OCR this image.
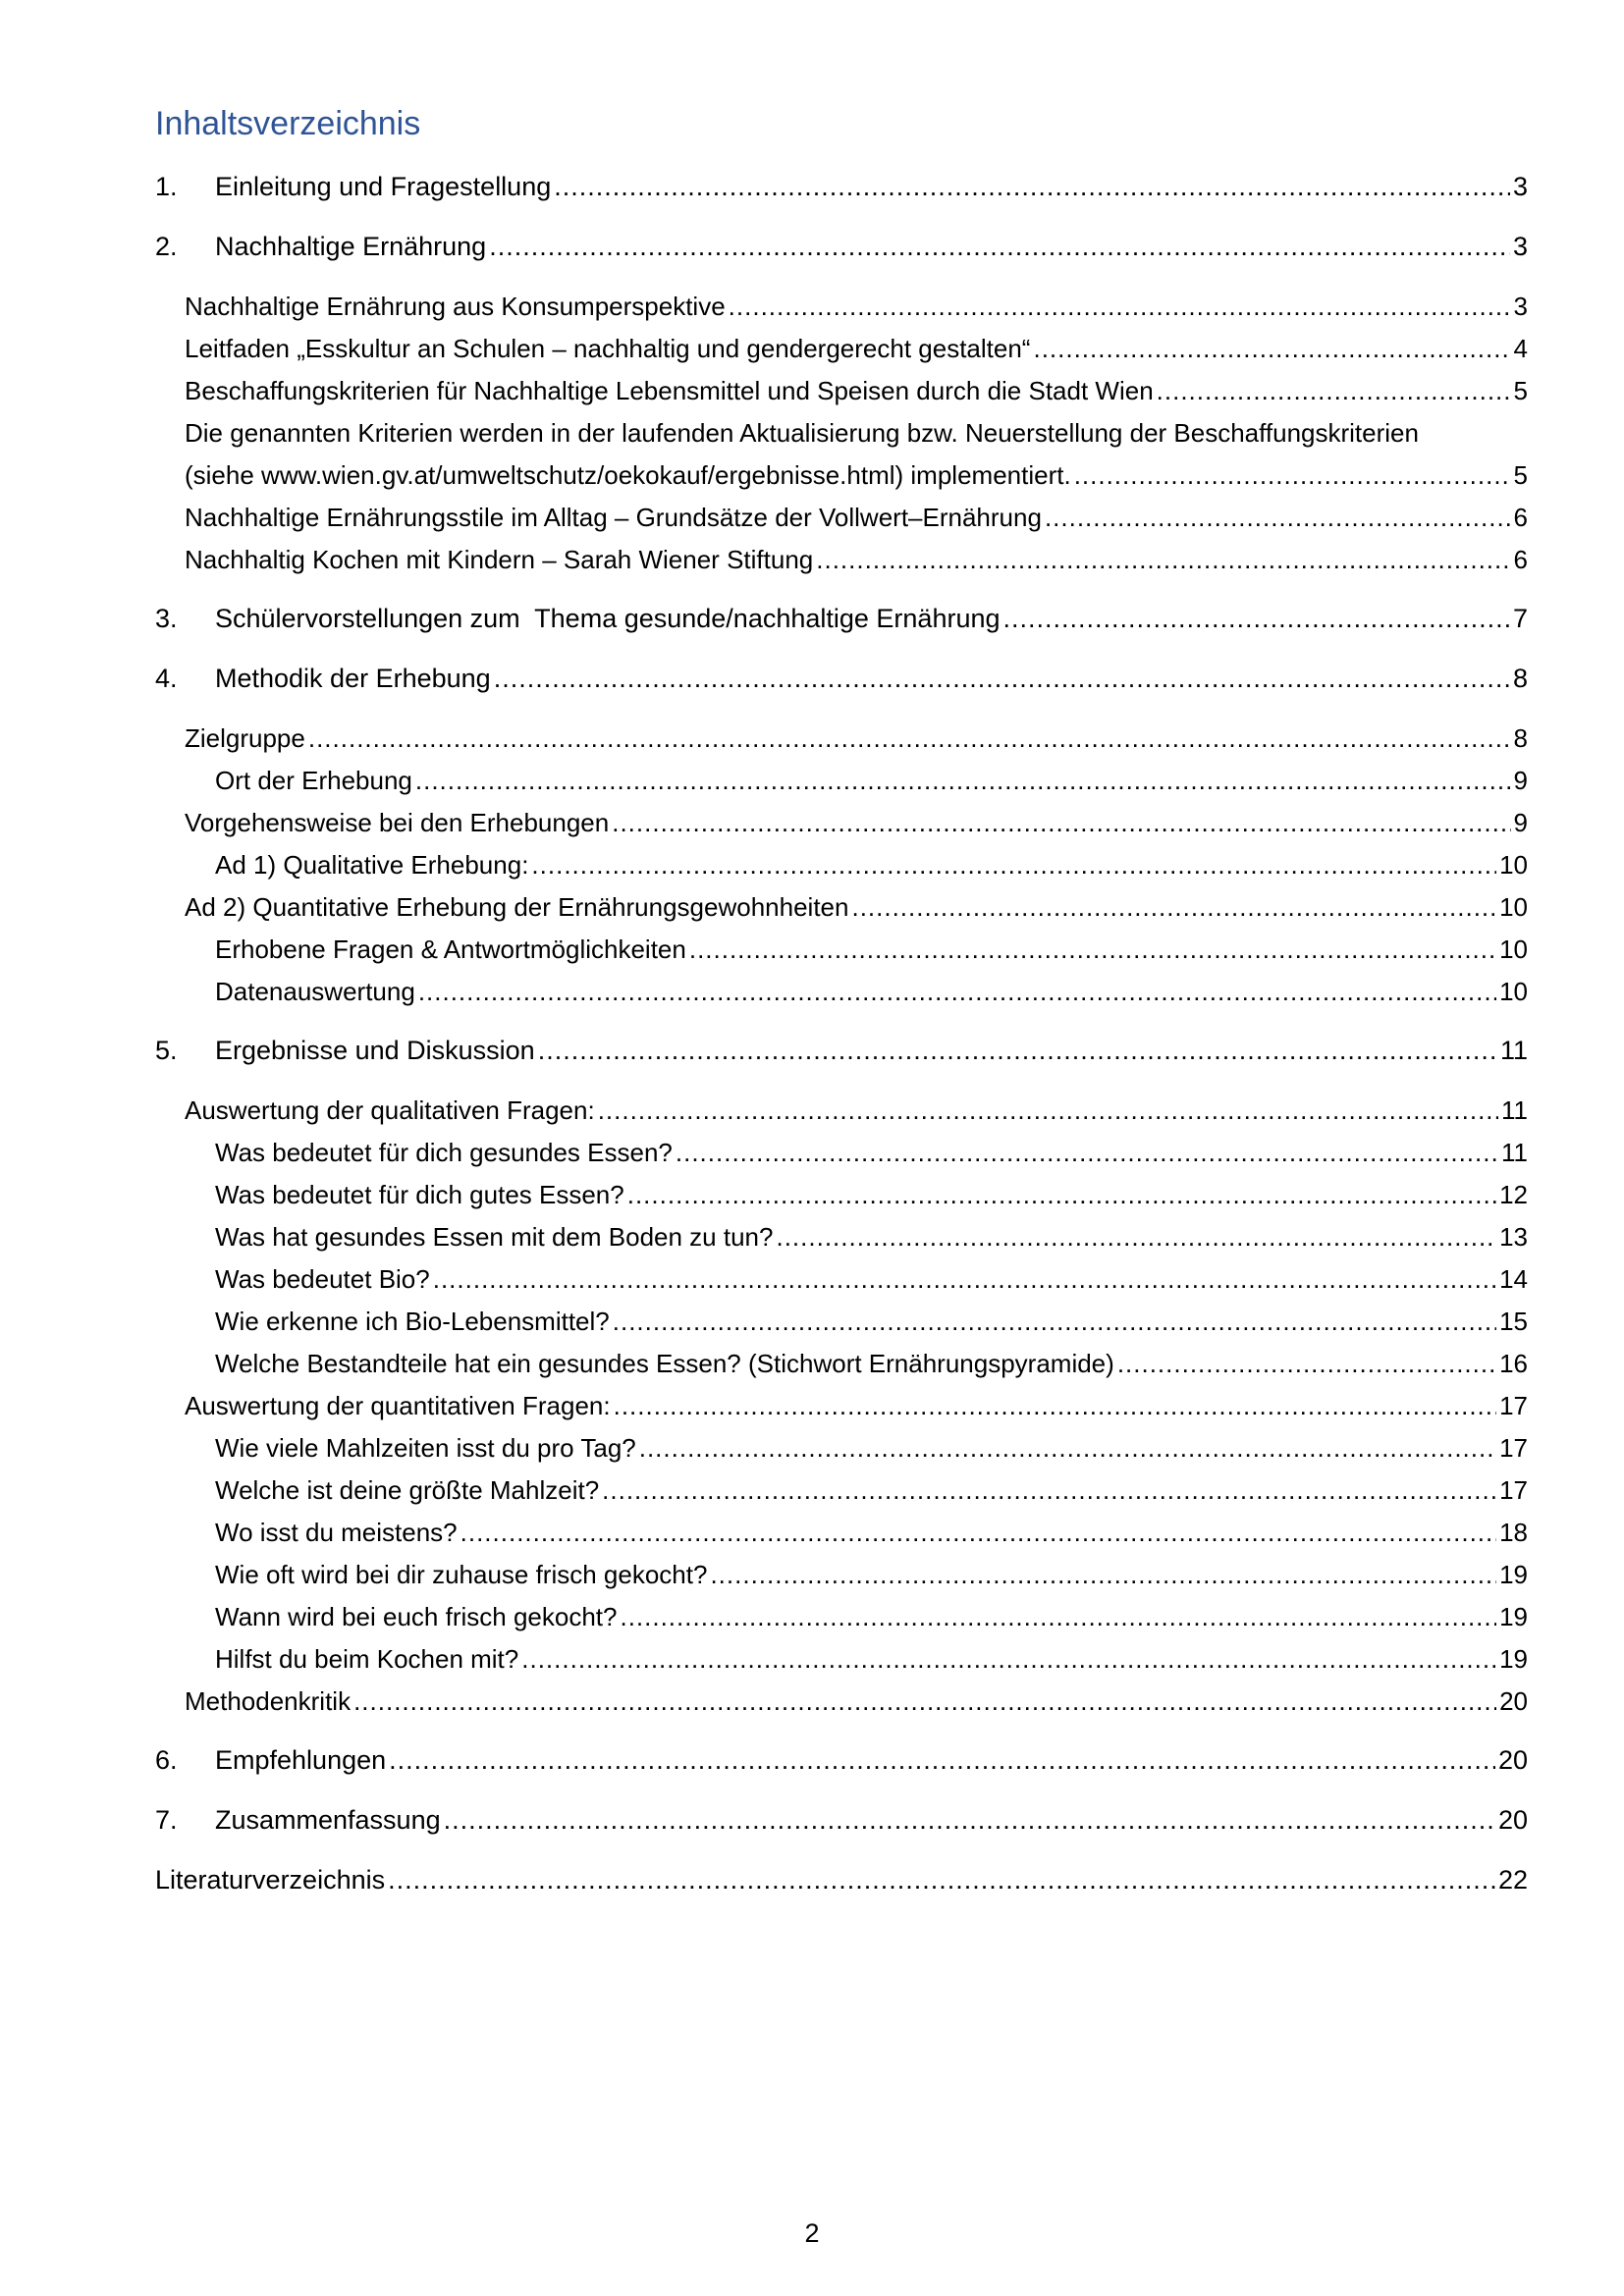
Inhaltsverzeichnis
1. Einleitung und Fragestellung .....	3
2. Nachhaltige Ernährung .....	3
Nachhaltige Ernährung aus Konsumperspektive .....	3
Leitfaden „Esskultur an Schulen – nachhaltig und gendergerecht gestalten“ .....	4
Beschaffungskriterien für Nachhaltige Lebensmittel und Speisen durch die Stadt Wien .....	5
Die genannten Kriterien werden in der laufenden Aktualisierung bzw. Neuerstellung der Beschaffungskriterien
(siehe www.wien.gv.at/umweltschutz/oekokauf/ergebnisse.html) implementiert. .....	5
Nachhaltige Ernährungsstile im Alltag – Grundsätze der Vollwert–Ernährung .....	6
Nachhaltig Kochen mit Kindern – Sarah Wiener Stiftung .....	6
3. Schülervorstellungen zum  Thema gesunde/nachhaltige Ernährung .....	7
4. Methodik der Erhebung .....	8
Zielgruppe .....	8
Ort der Erhebung .....	9
Vorgehensweise bei den Erhebungen .....	9
Ad 1) Qualitative Erhebung: .....	10
Ad 2) Quantitative Erhebung der Ernährungsgewohnheiten .....	10
Erhobene Fragen & Antwortmöglichkeiten .....	10
Datenauswertung .....	10
5. Ergebnisse und Diskussion .....	11
Auswertung der qualitativen Fragen: .....	11
Was bedeutet für dich gesundes Essen? .....	11
Was bedeutet für dich gutes Essen? .....	12
Was hat gesundes Essen mit dem Boden zu tun? .....	13
Was bedeutet Bio? .....	14
Wie erkenne ich Bio-Lebensmittel? .....	15
Welche Bestandteile hat ein gesundes Essen? (Stichwort Ernährungspyramide) .....	16
Auswertung der quantitativen Fragen: .....	17
Wie viele Mahlzeiten isst du pro Tag? .....	17
Welche ist deine größte Mahlzeit? .....	17
Wo isst du meistens? .....	18
Wie oft wird bei dir zuhause frisch gekocht? .....	19
Wann wird bei euch frisch gekocht? .....	19
Hilfst du beim Kochen mit? .....	19
Methodenkritik .....	20
6. Empfehlungen .....	20
7. Zusammenfassung .....	20
Literaturverzeichnis .....	22
2
